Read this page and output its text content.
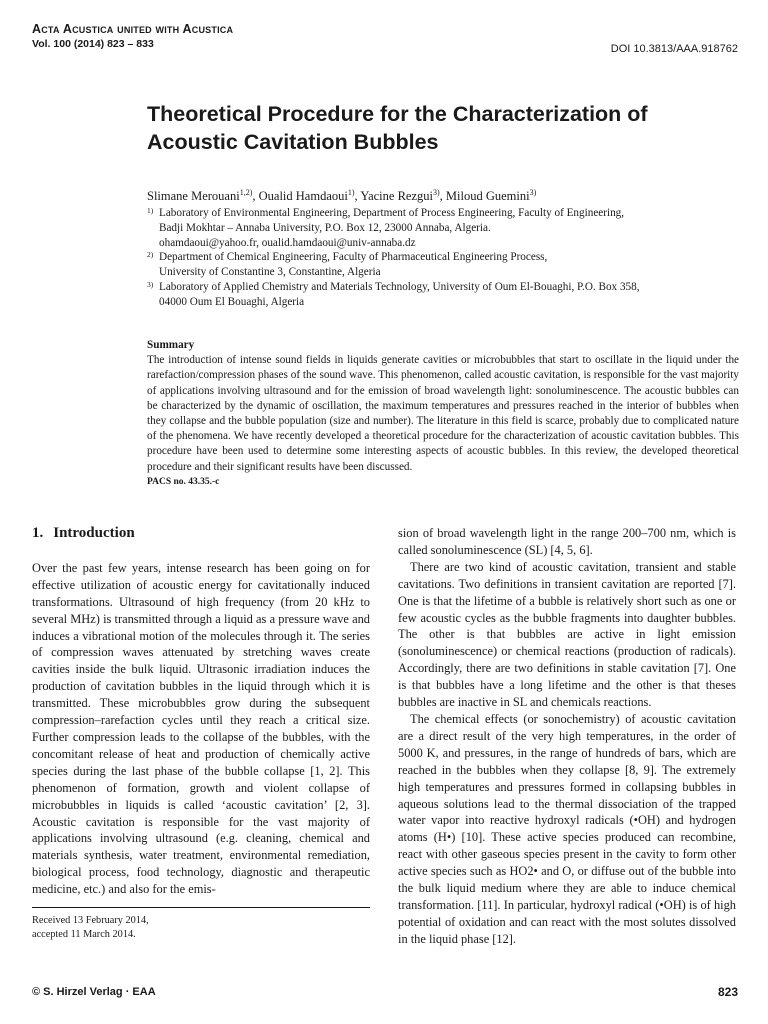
Acta Acustica united with Acustica
Vol. 100 (2014) 823 – 833	DOI 10.3813/AAA.918762
Theoretical Procedure for the Characterization of
Acoustic Cavitation Bubbles
Slimane Merouani$^{1,2)}$, Oualid Hamdaoui$^{1)}$, Yacine Rezgui$^{3)}$, Miloud Guemini$^{3)}$
1) Laboratory of Environmental Engineering, Department of Process Engineering, Faculty of Engineering,
Badji Mokhtar – Annaba University, P.O. Box 12, 23000 Annaba, Algeria.
ohamdaoui@yahoo.fr, oualid.hamdaoui@univ-annaba.dz
2) Department of Chemical Engineering, Faculty of Pharmaceutical Engineering Process,
University of Constantine 3, Constantine, Algeria
3) Laboratory of Applied Chemistry and Materials Technology, University of Oum El-Bouaghi, P.O. Box 358,
04000 Oum El Bouaghi, Algeria
Summary
The introduction of intense sound fields in liquids generate cavities or microbubbles that start to oscillate in the liquid under the rarefaction/compression phases of the sound wave. This phenomenon, called acoustic cavitation, is responsible for the vast majority of applications involving ultrasound and for the emission of broad wavelength light: sonoluminescence. The acoustic bubbles can be characterized by the dynamic of oscillation, the maximum temperatures and pressures reached in the interior of bubbles when they collapse and the bubble population (size and number). The literature in this field is scarce, probably due to complicated nature of the phenomena. We have recently developed a theoretical procedure for the characterization of acoustic cavitation bubbles. This procedure have been used to determine some interesting aspects of acoustic bubbles. In this review, the developed theoretical procedure and their significant results have been discussed.
PACS no. 43.35.-c
1. Introduction

Over the past few years, intense research has been going on for effective utilization of acoustic energy for cavitationally induced transformations. Ultrasound of high frequency (from 20 kHz to several MHz) is transmitted through a liquid as a pressure wave and induces a vibrational motion of the molecules through it. The series of compression waves attenuated by stretching waves create cavities inside the bulk liquid. Ultrasonic irradiation induces the production of cavitation bubbles in the liquid through which it is transmitted. These microbubbles grow during the subsequent compression–rarefaction cycles until they reach a critical size. Further compression leads to the collapse of the bubbles, with the concomitant release of heat and production of chemically active species during the last phase of the bubble collapse [1, 2]. This phenomenon of formation, growth and violent collapse of microbubbles in liquids is called ‘acoustic cavitation’ [2, 3]. Acoustic cavitation is responsible for the vast majority of applications involving ultrasound (e.g. cleaning, chemical and materials synthesis, water treatment, environmental remediation, biological process, food technology, diagnostic and therapeutic medicine, etc.) and also for the emis-

sion of broad wavelength light in the range 200–700 nm, which is called sonoluminescence (SL) [4, 5, 6].

There are two kind of acoustic cavitation, transient and stable cavitations. Two definitions in transient cavitation are reported [7]. One is that the lifetime of a bubble is relatively short such as one or few acoustic cycles as the bubble fragments into daughter bubbles. The other is that bubbles are active in light emission (sonoluminescence) or chemical reactions (production of radicals). Accordingly, there are two definitions in stable cavitation [7]. One is that bubbles have a long lifetime and the other is that theses bubbles are inactive in SL and chemicals reactions.

The chemical effects (or sonochemistry) of acoustic cavitation are a direct result of the very high temperatures, in the order of 5000 K, and pressures, in the range of hundreds of bars, which are reached in the bubbles when they collapse [8, 9]. The extremely high temperatures and pressures formed in collapsing bubbles in aqueous solutions lead to the thermal dissociation of the trapped water vapor into reactive hydroxyl radicals (•OH) and hydrogen atoms (H•) [10]. These active species produced can recombine, react with other gaseous species present in the cavity to form other active species such as HO2• and O, or diffuse out of the bubble into the bulk liquid medium where they are able to induce chemical transformation. [11]. In particular, hydroxyl radical (•OH) is of high potential of oxidation and can react with the most solutes dissolved in the liquid phase [12].

Received 13 February 2014,
accepted 11 March 2014.
© S. Hirzel Verlag · EAA	823
